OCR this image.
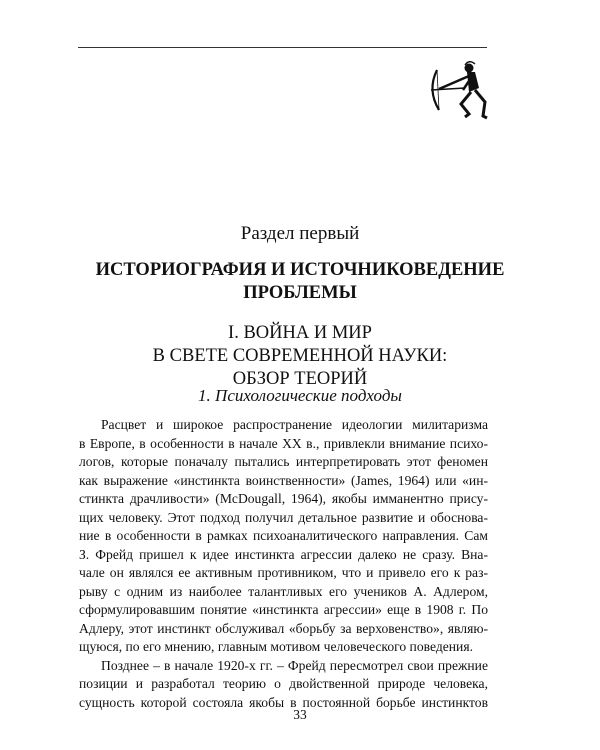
Раздел первый
ИСТОРИОГРАФИЯ И ИСТОЧНИКОВЕДЕНИЕ
ПРОБЛЕМЫ
I. ВОЙНА И МИР
В СВЕТЕ СОВРЕМЕННОЙ НАУКИ:
ОБЗОР ТЕОРИЙ
1. Психологические подходы
Расцвет и широкое распространение идеологии милитаризма
в Европе, в особенности в начале XX в., привлекли внимание психо-
логов, которые поначалу пытались интерпретировать этот феномен
как выражение «инстинкта воинственности» (James, 1964) или «ин-
стинкта драчливости» (McDougall, 1964), якобы имманентно прису-
щих человеку. Этот подход получил детальное развитие и обоснова-
ние в особенности в рамках психоаналитического направления. Сам
З. Фрейд пришел к идее инстинкта агрессии далеко не сразу. Вна-
чале он являлся ее активным противником, что и привело его к раз-
рыву с одним из наиболее талантливых его учеников А. Адлером,
сформулировавшим понятие «инстинкта агрессии» еще в 1908 г. По
Адлеру, этот инстинкт обслуживал «борьбу за верховенство», являю-
щуюся, по его мнению, главным мотивом человеческого поведения.
Позднее – в начале 1920-х гг. – Фрейд пересмотрел свои прежние
позиции и разработал теорию о двойственной природе человека,
сущность которой состояла якобы в постоянной борьбе инстинктов
33
